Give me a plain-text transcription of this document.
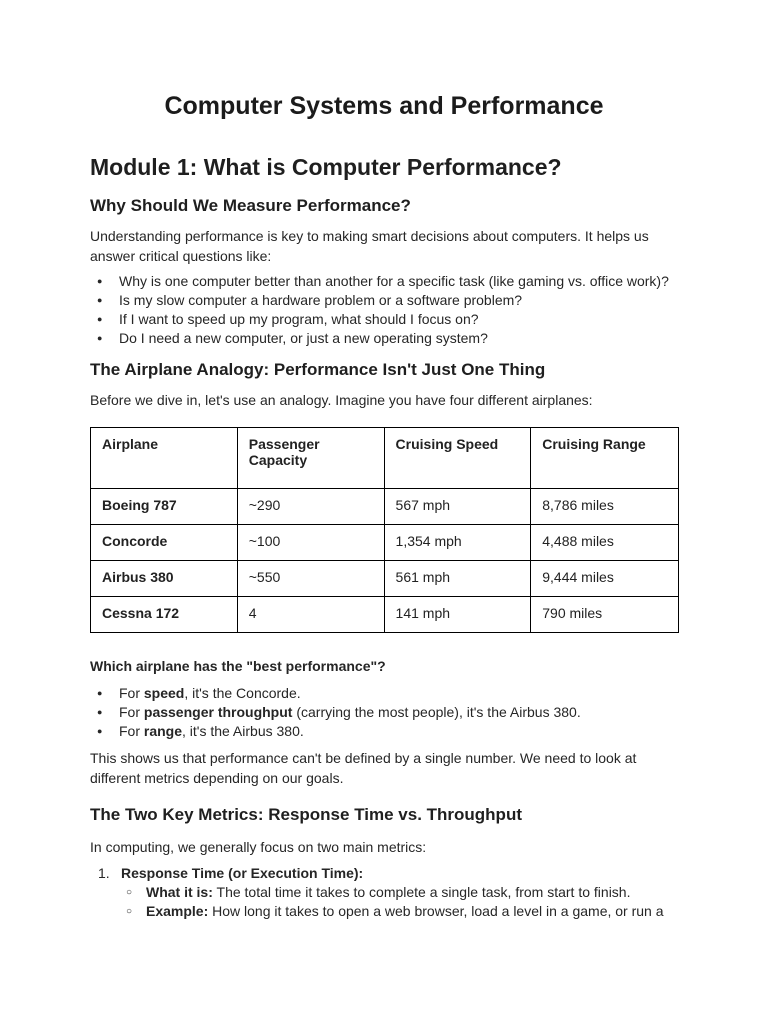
Computer Systems and Performance
Module 1: What is Computer Performance?
Why Should We Measure Performance?
Understanding performance is key to making smart decisions about computers. It helps us answer critical questions like:
● Why is one computer better than another for a specific task (like gaming vs. office work)?
● Is my slow computer a hardware problem or a software problem?
● If I want to speed up my program, what should I focus on?
● Do I need a new computer, or just a new operating system?
The Airplane Analogy: Performance Isn't Just One Thing
Before we dive in, let's use an analogy. Imagine you have four different airplanes:
Airplane	Passenger Capacity	Cruising Speed	Cruising Range
Boeing 787	~290	567 mph	8,786 miles
Concorde	~100	1,354 mph	4,488 miles
Airbus 380	~550	561 mph	9,444 miles
Cessna 172	4	141 mph	790 miles
Which airplane has the "best performance"?
● For speed, it's the Concorde.
● For passenger throughput (carrying the most people), it's the Airbus 380.
● For range, it's the Airbus 380.
This shows us that performance can't be defined by a single number. We need to look at different metrics depending on our goals.
The Two Key Metrics: Response Time vs. Throughput
In computing, we generally focus on two main metrics:
1. Response Time (or Execution Time):
○ What it is: The total time it takes to complete a single task, from start to finish.
○ Example: How long it takes to open a web browser, load a level in a game, or run a
